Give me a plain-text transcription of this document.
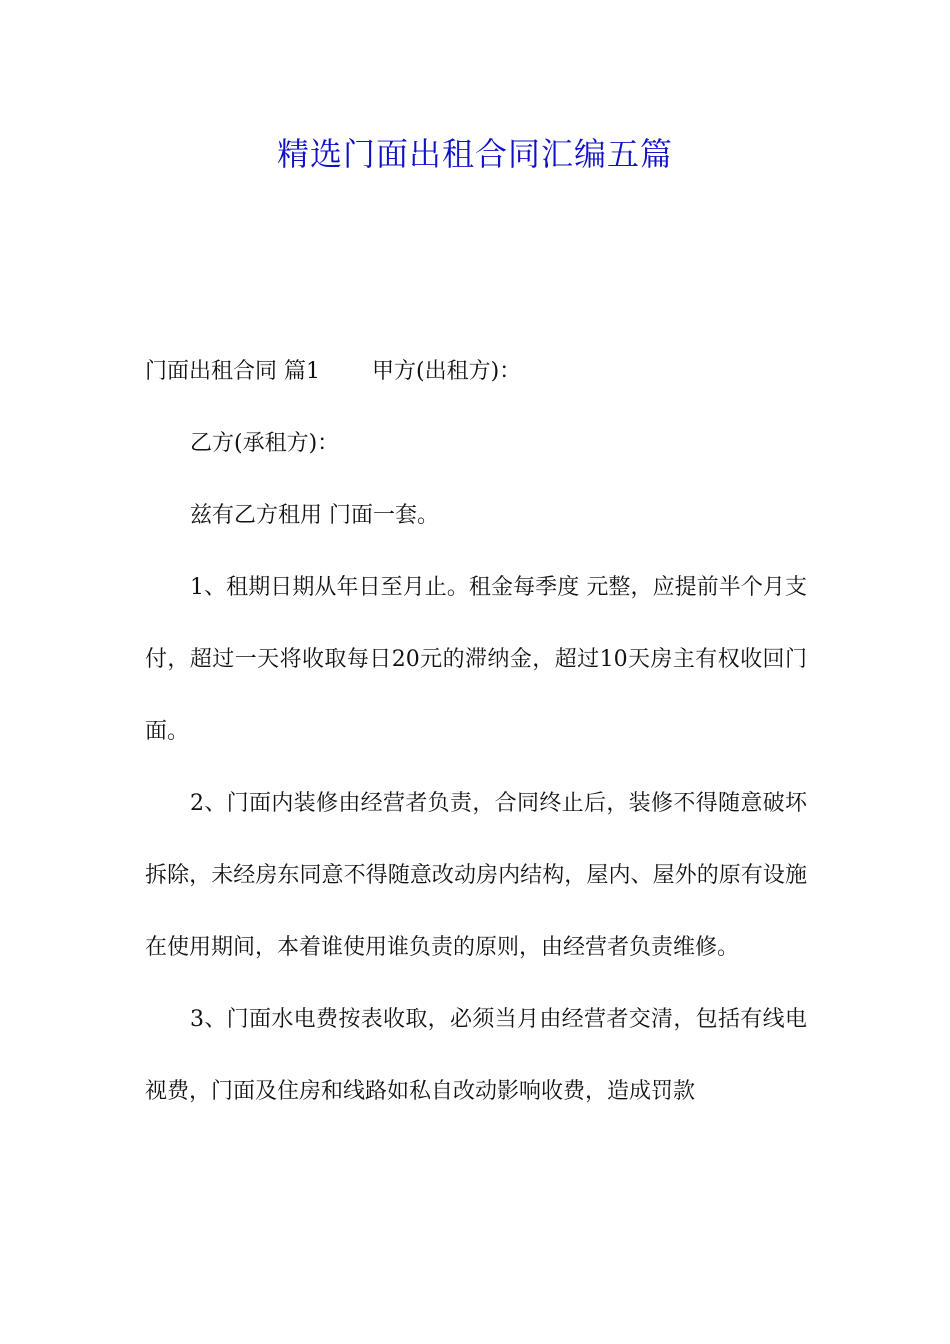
精选门面出租合同汇编五篇

门面出租合同 篇1 甲方(出租方)：

乙方(承租方)：

兹有乙方租用 门面一套。

1、租期日期从年日至月止。租金每季度 元整，应提前半个月支付，超过一天将收取每日20元的滞纳金，超过10天房主有权收回门面。

2、门面内装修由经营者负责，合同终止后，装修不得随意破坏拆除，未经房东同意不得随意改动房内结构，屋内、屋外的原有设施在使用期间，本着谁使用谁负责的原则，由经营者负责维修。

3、门面水电费按表收取，必须当月由经营者交清，包括有线电视费，门面及住房和线路如私自改动影响收费，造成罚款
